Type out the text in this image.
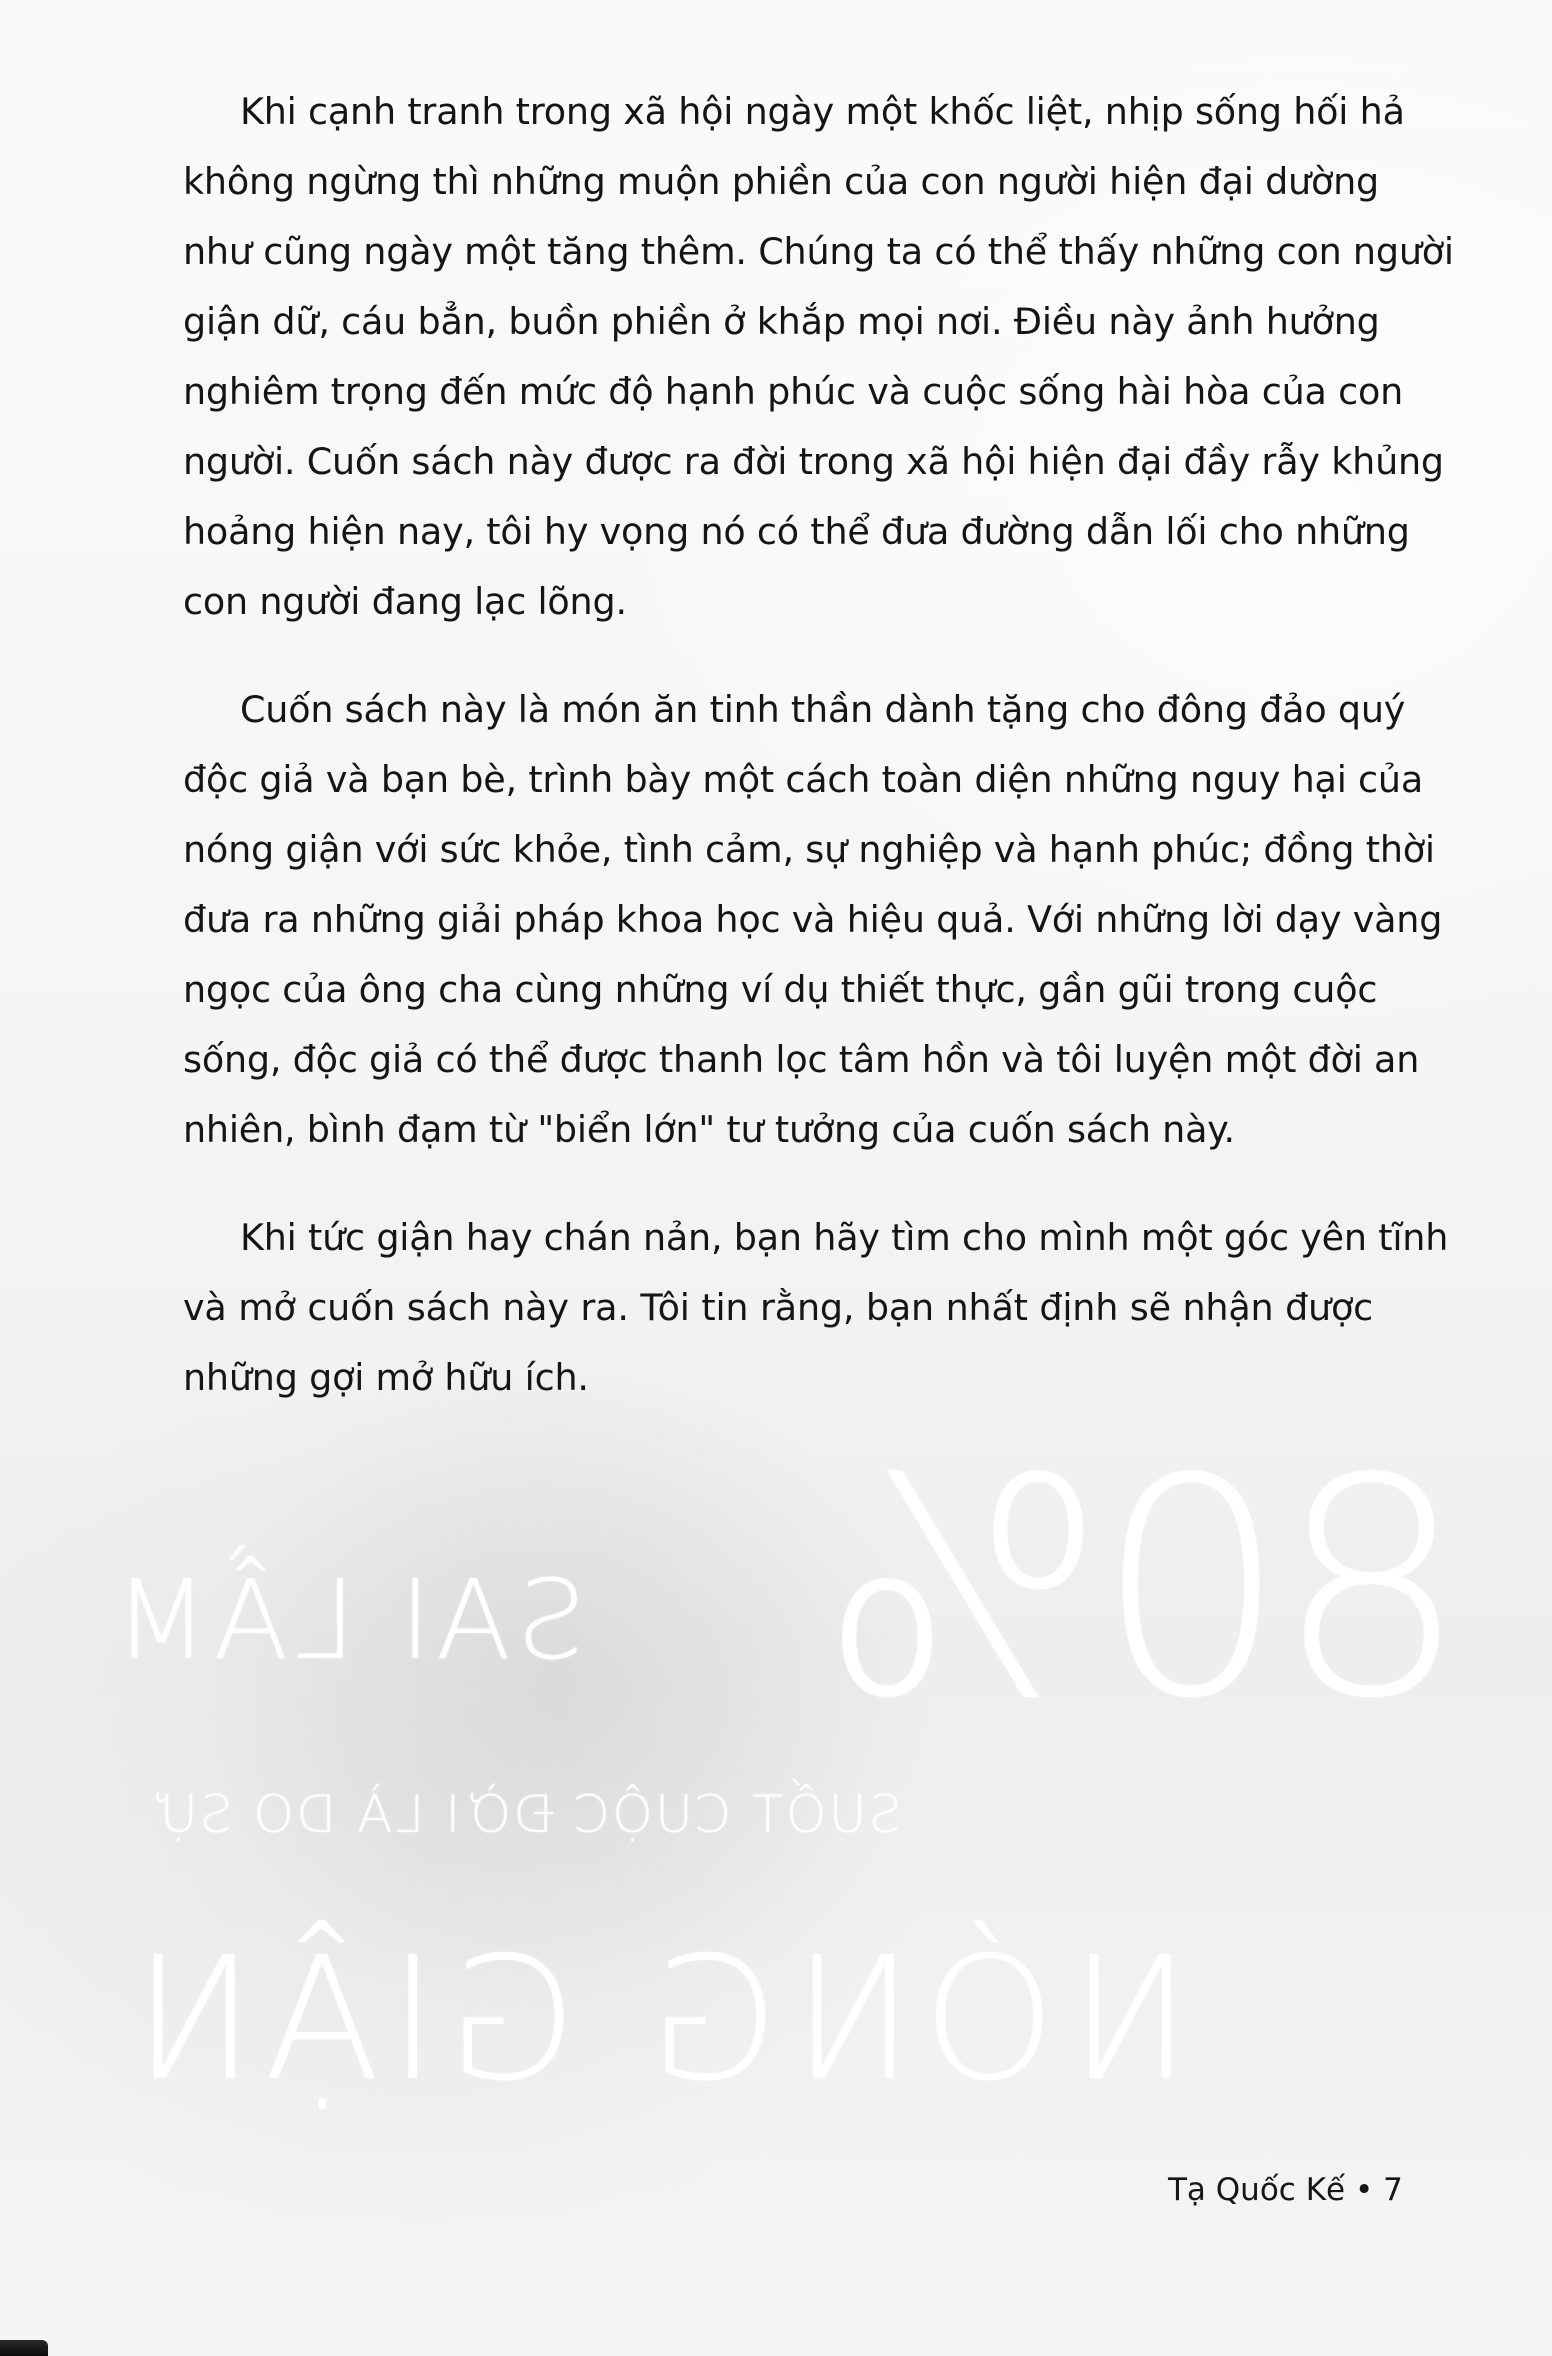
80%
SAI LẦM
SUỐT CUỘC ĐỜI LÀ DO SỰ
NÓNG GIẬN
Khi cạnh tranh trong xã hội ngày một khốc liệt, nhịp sống hối hả
không ngừng thì những muộn phiền của con người hiện đại dường
như cũng ngày một tăng thêm. Chúng ta có thể thấy những con người
giận dữ, cáu bẳn, buồn phiền ở khắp mọi nơi. Điều này ảnh hưởng
nghiêm trọng đến mức độ hạnh phúc và cuộc sống hài hòa của con
người. Cuốn sách này được ra đời trong xã hội hiện đại đầy rẫy khủng
hoảng hiện nay, tôi hy vọng nó có thể đưa đường dẫn lối cho những
con người đang lạc lõng.
Cuốn sách này là món ăn tinh thần dành tặng cho đông đảo quý
độc giả và bạn bè, trình bày một cách toàn diện những nguy hại của
nóng giận với sức khỏe, tình cảm, sự nghiệp và hạnh phúc; đồng thời
đưa ra những giải pháp khoa học và hiệu quả. Với những lời dạy vàng
ngọc của ông cha cùng những ví dụ thiết thực, gần gũi trong cuộc
sống, độc giả có thể được thanh lọc tâm hồn và tôi luyện một đời an
nhiên, bình đạm từ "biển lớn" tư tưởng của cuốn sách này.
Khi tức giận hay chán nản, bạn hãy tìm cho mình một góc yên tĩnh
và mở cuốn sách này ra. Tôi tin rằng, bạn nhất định sẽ nhận được
những gợi mở hữu ích.
Tạ Quốc Kế • 7
